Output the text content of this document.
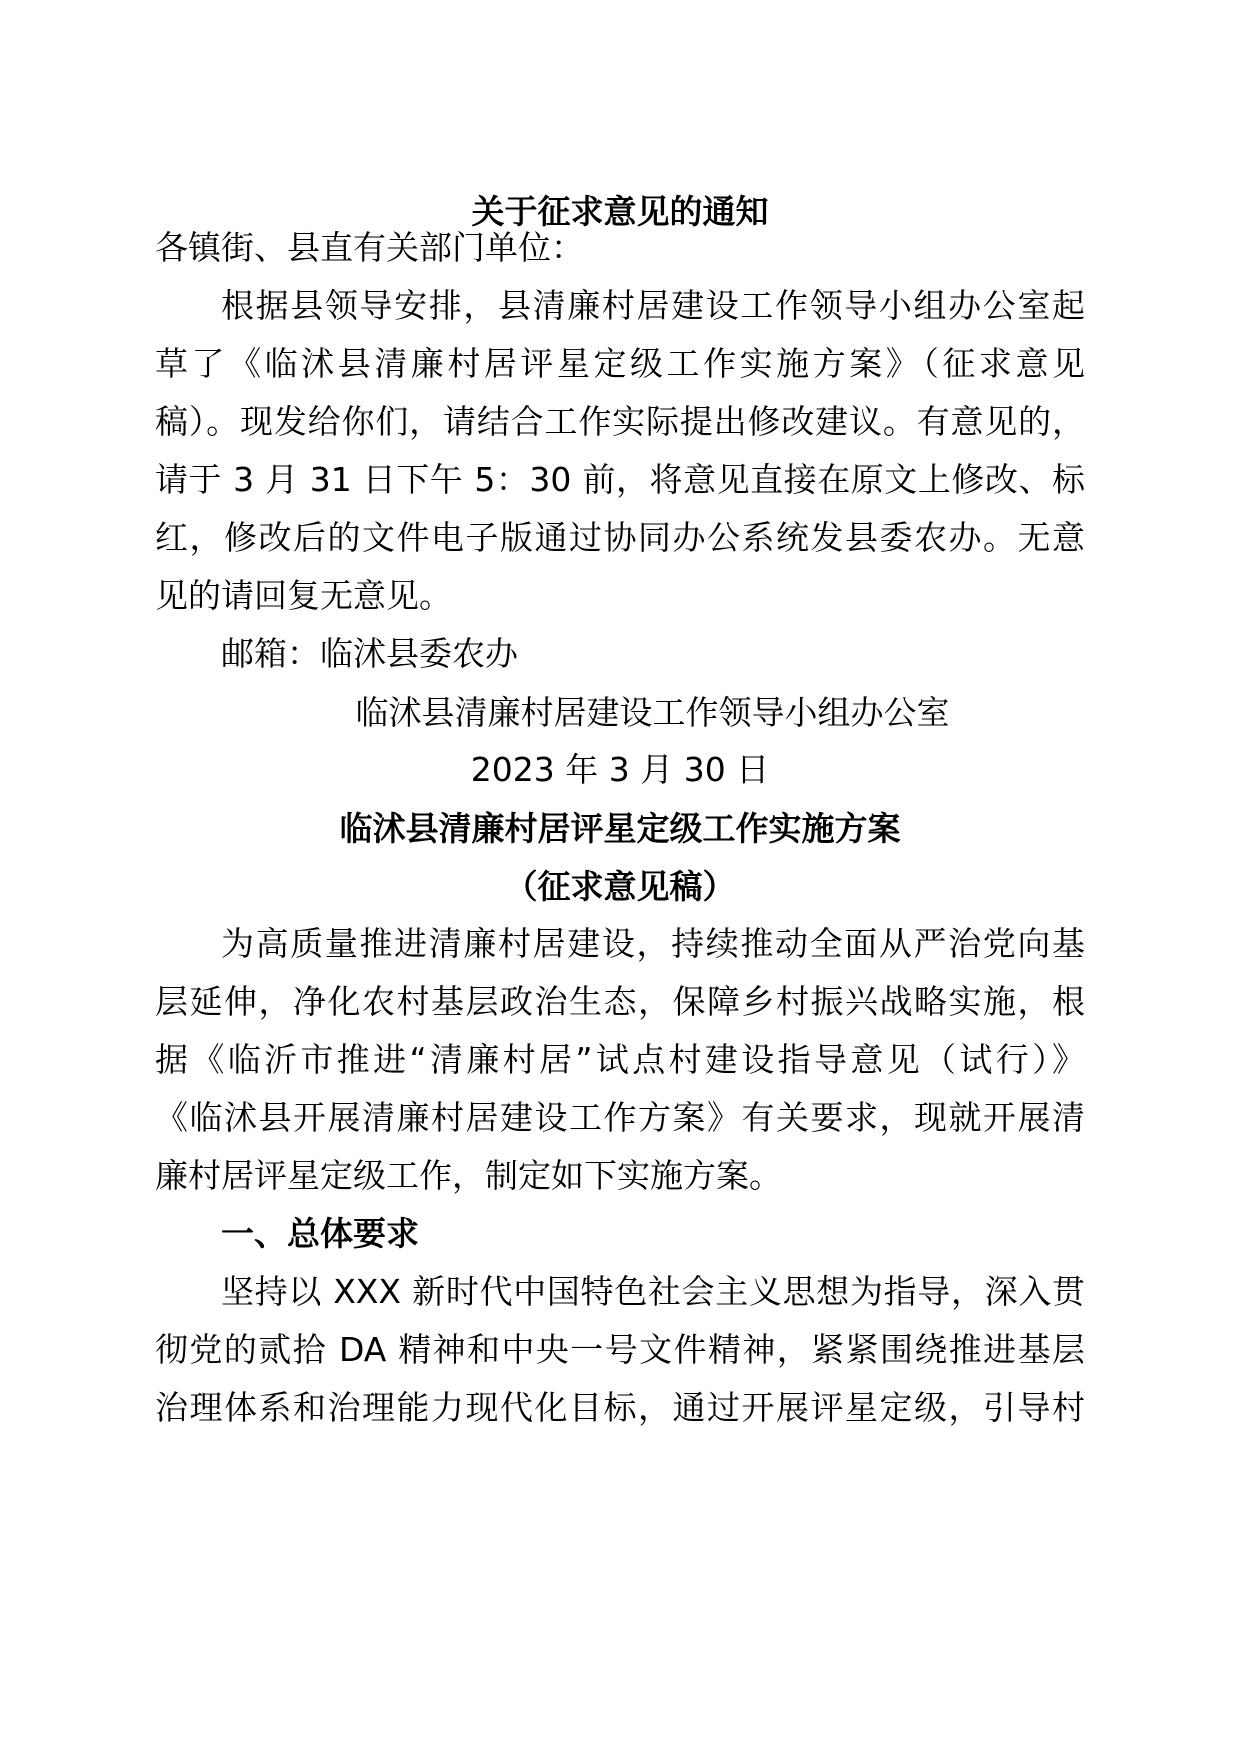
关于征求意见的通知
各镇街、县直有关部门单位：
根据县领导安排，县清廉村居建设工作领导小组办公室起
草了《临沭县清廉村居评星定级工作实施方案》（征求意见
稿）。现发给你们，请结合工作实际提出修改建议。有意见的，
请于 3 月 31 日下午 5：30 前，将意见直接在原文上修改、标
红，修改后的文件电子版通过协同办公系统发县委农办。无意
见的请回复无意见。
邮箱：临沭县委农办
临沭县清廉村居建设工作领导小组办公室
2023 年 3 月 30 日
临沭县清廉村居评星定级工作实施方案
（征求意见稿）
为高质量推进清廉村居建设，持续推动全面从严治党向基
层延伸，净化农村基层政治生态，保障乡村振兴战略实施，根
据《临沂市推进“清廉村居”试点村建设指导意见（试行）》
《临沭县开展清廉村居建设工作方案》有关要求，现就开展清
廉村居评星定级工作，制定如下实施方案。
一、总体要求
坚持以 XXX 新时代中国特色社会主义思想为指导，深入贯
彻党的贰拾 DA 精神和中央一号文件精神，紧紧围绕推进基层
治理体系和治理能力现代化目标，通过开展评星定级，引导村
